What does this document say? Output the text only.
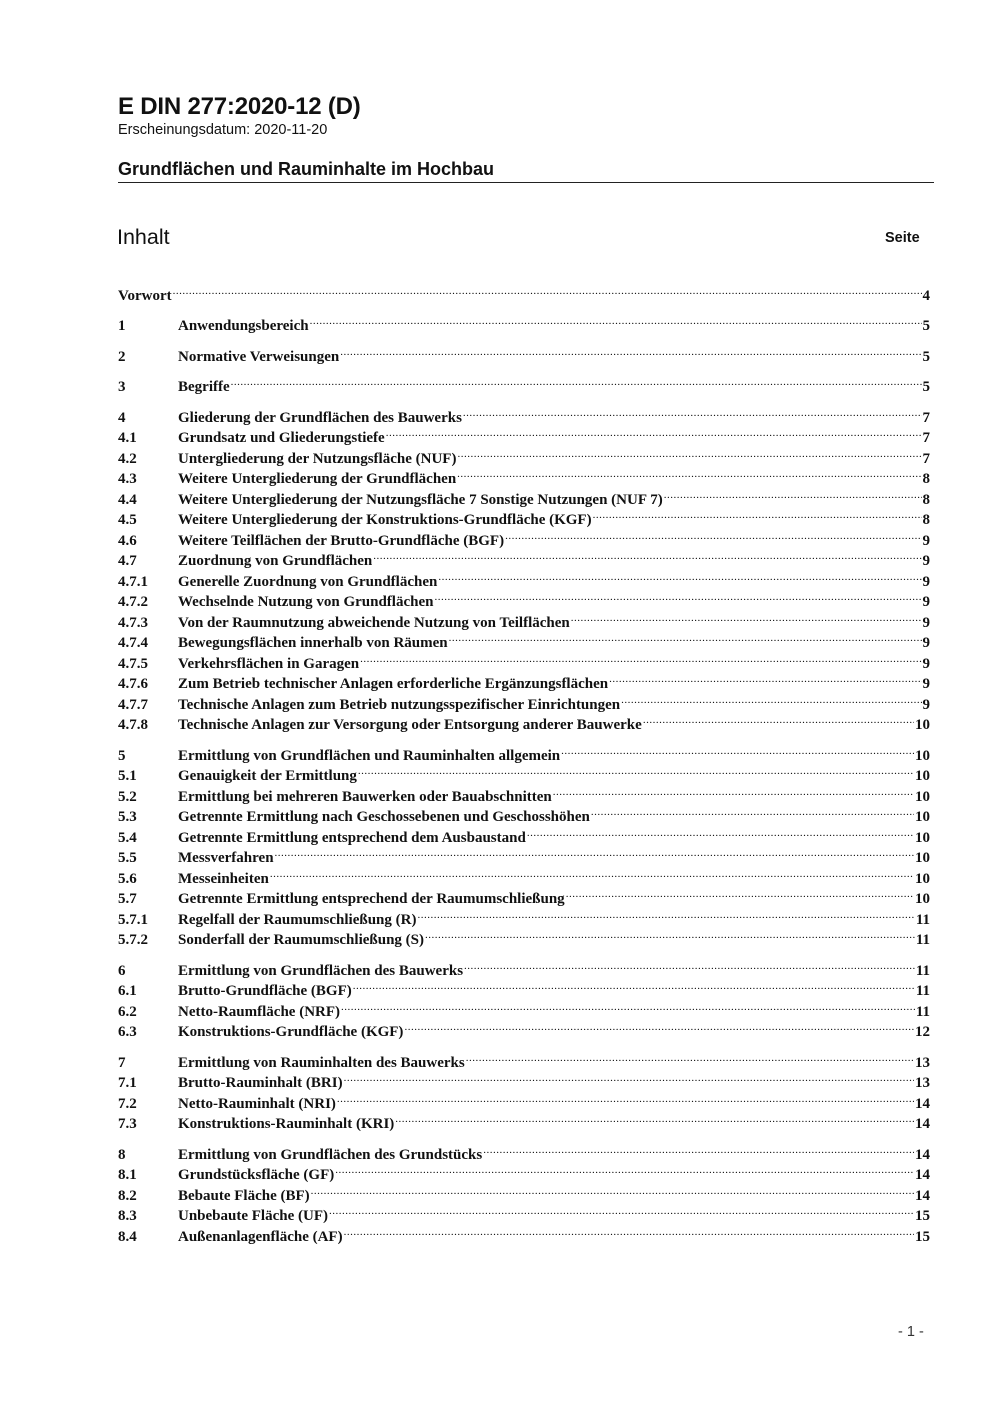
E DIN 277:2020-12 (D)
Erscheinungsdatum: 2020-11-20
Grundflächen und Rauminhalte im Hochbau
Inhalt	Seite
Vorwort .....	4
1	Anwendungsbereich .....	5
2	Normative Verweisungen .....	5
3	Begriffe .....	5
4	Gliederung der Grundflächen des Bauwerks .....	7
4.1	Grundsatz und Gliederungstiefe .....	7
4.2	Untergliederung der Nutzungsfläche (NUF) .....	7
4.3	Weitere Untergliederung der Grundflächen .....	8
4.4	Weitere Untergliederung der Nutzungsfläche 7 Sonstige Nutzungen (NUF 7) .....	8
4.5	Weitere Untergliederung der Konstruktions-Grundfläche (KGF) .....	8
4.6	Weitere Teilflächen der Brutto-Grundfläche (BGF) .....	9
4.7	Zuordnung von Grundflächen .....	9
4.7.1	Generelle Zuordnung von Grundflächen .....	9
4.7.2	Wechselnde Nutzung von Grundflächen .....	9
4.7.3	Von der Raumnutzung abweichende Nutzung von Teilflächen .....	9
4.7.4	Bewegungsflächen innerhalb von Räumen .....	9
4.7.5	Verkehrsflächen in Garagen .....	9
4.7.6	Zum Betrieb technischer Anlagen erforderliche Ergänzungsflächen .....	9
4.7.7	Technische Anlagen zum Betrieb nutzungsspezifischer Einrichtungen .....	9
4.7.8	Technische Anlagen zur Versorgung oder Entsorgung anderer Bauwerke .....	10
5	Ermittlung von Grundflächen und Rauminhalten allgemein .....	10
5.1	Genauigkeit der Ermittlung .....	10
5.2	Ermittlung bei mehreren Bauwerken oder Bauabschnitten .....	10
5.3	Getrennte Ermittlung nach Geschossebenen und Geschosshöhen .....	10
5.4	Getrennte Ermittlung entsprechend dem Ausbaustand .....	10
5.5	Messverfahren .....	10
5.6	Messeinheiten .....	10
5.7	Getrennte Ermittlung entsprechend der Raumumschließung .....	10
5.7.1	Regelfall der Raumumschließung (R) .....	11
5.7.2	Sonderfall der Raumumschließung (S) .....	11
6	Ermittlung von Grundflächen des Bauwerks .....	11
6.1	Brutto-Grundfläche (BGF) .....	11
6.2	Netto-Raumfläche (NRF) .....	11
6.3	Konstruktions-Grundfläche (KGF) .....	12
7	Ermittlung von Rauminhalten des Bauwerks .....	13
7.1	Brutto-Rauminhalt (BRI) .....	13
7.2	Netto-Rauminhalt (NRI) .....	14
7.3	Konstruktions-Rauminhalt (KRI) .....	14
8	Ermittlung von Grundflächen des Grundstücks .....	14
8.1	Grundstücksfläche (GF) .....	14
8.2	Bebaute Fläche (BF) .....	14
8.3	Unbebaute Fläche (UF) .....	15
8.4	Außenanlagenfläche (AF) .....	15
- 1 -
